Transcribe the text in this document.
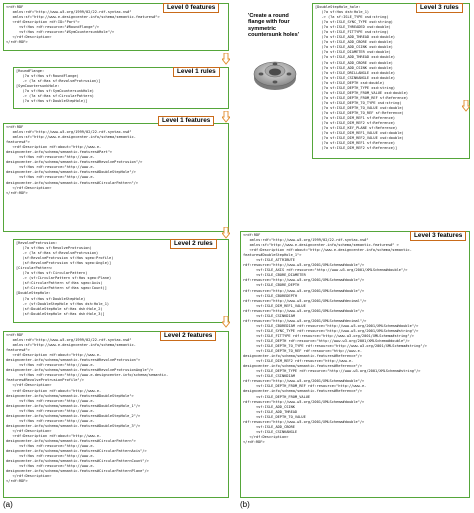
<rdf:RDF
xmlns:rdf="http://www.w3.org/1999/02/22-rdf-syntax-ns#"
xmlns:sf="http://www.e-designcenter.info/schema/semantic-features#">
<rdf:Description rdf:ID="Part">
<sf:Has rdf:resource="#RoundFlange"/>
<sf:Has rdf:resource="#SymCountersunkHole"/>
</rdf:Description>
</rdf:RDF>
Level 0 features
[RoundFlange:
(?a sf:Has sf:RoundFlange)
-> (?a sf:Has sf:RevolveProtrusion)]
[SymCountersunkHole:
(?a sf:Has sf:SymCountersunkHole)
-> (?a sf:Has sf:CircularPattern)
(?a sf:Has sf:DoubleStepHole)]
Level 1 rules
<rdf:RDF
xmlns:rdf="http://www.w3.org/1999/02/22-rdf-syntax-ns#"
xmlns:sf="http://www.e-designcenter.info/schema/semantic-
features#">
<rdf:Description rdf:about="http://www.e-
designcenter.info/schema/semantic-features#Part">
<sf:Has rdf:resource="http://www.e-
designcenter.info/schema/semantic-features#RevolveProtrusion"/>
<sf:Has rdf:resource="http://www.e-
designcenter.info/schema/semantic-features#DoubleStepHole"/>
<sf:Has rdf:resource="http://www.e-
designcenter.info/schema/semantic-features#CircularPattern"/>
</rdf:Description>
</rdf:RDF>
Level 1 features
[RevolveProtrusion:
(?a sf:Has sf:RevolveProtrusion)
-> (?a sf:Has sf:RevolveProtrusion)
(sf:RevolveProtrusion sf:Has sgeo:Profile)
(sf:RevolveProtrusion sf:Has sgeo:Angle)]
[CircularPattern:
(?a sf:Has sf:CircularPattern)
-> (sf:CircularPattern sf:Has sgeo:Plane)
(sf:CircularPattern sf:Has sgeo:Axis)
(sf:CircularPattern sf:Has sgeo:Count)]
[DoubleStepHole:
(?a sf:Has sf:DoubleStepHole)
-> (sf:DoubleStepHole sf:Has dsh:Hole_1)
(sf:DoubleStepHole sf:Has dsh:Hole_2)
(sf:DoubleStepHole sf:Has dsh:Hole_3)]
Level 2 rules
<rdf:RDF
xmlns:rdf="http://www.w3.org/1999/02/22-rdf-syntax-ns#"
xmlns:sf="http://www.e-designcenter.info/schema/semantic-
features#">
<rdf:Description rdf:about="http://www.e-
designcenter.info/schema/semantic-features#RevolveProtrusion">
<sf:Has rdf:resource="http://www.e-
designcenter.info/schema/semantic-features#RevolveProtrusionAngle"/>
<sf:Has rdf:resource="http://www.e-designcenter.info/schema/semantic-
features#RevolveProtrusionProfile"/>
</rdf:Description>
<rdf:Description rdf:about="http://www.e-
designcenter.info/schema/semantic-features#DoubleStepHole">
<sf:Has rdf:resource="http://www.e-
designcenter.info/schema/semantic-features#DoubleStepHole_1"/>
<sf:Has rdf:resource="http://www.e-
designcenter.info/schema/semantic-features#DoubleStepHole_2"/>
<sf:Has rdf:resource="http://www.e-
designcenter.info/schema/semantic-features#DoubleStepHole_3"/>
</rdf:Description>
<rdf:Description rdf:about="http://www.e-
designcenter.info/schema/semantic-features#CircularPattern">
<sf:Has rdf:resource="http://www.e-
designcenter.info/schema/semantic-features#CircularPatternAxis"/>
<sf:Has rdf:resource="http://www.e-
designcenter.info/schema/semantic-features#CircularPatternCount"/>
<sf:Has rdf:resource="http://www.e-
designcenter.info/schema/semantic-features#CircularPatternPlane"/>
</rdf:Description>
</rdf:RDF>
Level 2 features
(a)
'Create a round flange with four symmetric countersunk holes'
[DoubleStepHole_hole:
(?a sf:Has dsh:Hole_1)
-> (?a sf:ISLE_TYPE xsd:string)
(?a sf:ISLE_SYNC_TYPE xsd:string)
(?a sf:ISLE_THREADED xsd:double)
(?a sf:ISLE_FITTYPE xsd:string)
(?a sf:ISLE_ADD_THREAD xsd:double)
(?a sf:ISLE_ADD_CBORE xsd:double)
(?a sf:ISLE_ADD_CSINK xsd:double)
(?a sf:ISLE_DIAMETER xsd:double)
(?a sf:ISLE_ADD_THREAD xsd:double)
(?a sf:ISLE_ADD_CBORE xsd:double)
(?a sf:ISLE_ADD_CSINK xsd:double)
(?a sf:ISLE_DRILLANGLE xsd:double)
(?a sf:ISLE_CSINKANGLE xsd:double)
(?a sf:ISLE_DEPTH xsd:double)
(?a sf:ISLE_DEPTH_TYPE xsd:string)
(?a sf:ISLE_DEPTH_FROM_VALUE xsd:double)
(?a sf:ISLE_DEPTH_FROM_REF sf:Reference)
(?a sf:ISLE_DEPTH_TO_TYPE xsd:string)
(?a sf:ISLE_DEPTH_TO_VALUE xsd:double)
(?a sf:ISLE_DEPTH_TO_REF sf:Reference)
(?a sf:ISLE_DIM_REF1 sf:Reference)
(?a sf:ISLE_DIM_REF2 sf:Reference)
(?a sf:ISLE_KEY_PLANE sf:Reference)
(?a sf:ISLE_DIM_REF1_VALUE xsd:double)
(?a sf:ISLE_DIM_REF2_VALUE xsd:double)
(?a sf:ISLE_DIM_REF1 sf:Reference)
(?a sf:ISLE_DIM_REF2 sf:Reference)]
Level 3 rules
<rdf:RDF
xmlns:rdf="http://www.w3.org/1999/02/22-rdf-syntax-ns#"
xmlns:sf="http://www.e-designcenter.info/schema/semantic-features#" >
<rdf:Description rdf:about="http://www.e-designcenter.info/schema/semantic-
features#DoubleStepHole_1">
<sf:ISLE_ATTRIBUTE
rdf:resource="http://www.w3.org/2001/XMLSchema#double"/>
<sf:ISLE_AXIS rdf:resource="http://www.w3.org/2001/XMLSchema#double"/>
<sf:ISLE_CBORE_DIAMETER
rdf:resource="http://www.w3.org/2001/XMLSchema#double"/>
<sf:ISLE_CBORE_DEPTH
rdf:resource="http://www.w3.org/2001/XMLSchema#double"/>
<sf:ISLE_CBOREDEPTH
rdf:resource="http://www.w3.org/2001/XMLSchema#decimal"/>
<sf:ISLE_DIM_REF1_VALUE
rdf:resource="http://www.w3.org/2001/XMLSchema#double"/>
<sf:ISLE_CSINKDIAM
rdf:resource="http://www.w3.org/2001/XMLSchema#decimal"/>
<sf:ISLE_CBOREDIAM rdf:resource="http://www.w3.org/2001/XMLSchema#double"/>
<sf:ISLE_SYNC_TYPE rdf:resource="http://www.w3.org/2001/XMLSchema#string"/>
<sf:ISLE_FITTYPE rdf:resource="http://www.w3.org/2001/XMLSchema#string"/>
<sf:ISLE_DEPTH rdf:resource="http://www.w3.org/2001/XMLSchema#double"/>
<sf:ISLE_DEPTH_TO_TYPE rdf:resource="http://www.w3.org/2001/XMLSchema#string"/>
<sf:ISLE_DEPTH_TO_REF rdf:resource="http://www.e-
designcenter.info/schema/semantic-features#Reference"/>
<sf:ISLE_DIM_REF2 rdf:resource="http://www.e-
designcenter.info/schema/semantic-features#Reference"/>
<sf:ISLE_DEPTH_TYPE rdf:resource="http://www.w3.org/2001/XMLSchema#string"/>
<sf:ISLE_CSINKDIAM
rdf:resource="http://www.w3.org/2001/XMLSchema#double"/>
<sf:ISLE_DEPTH_FROM_REF rdf:resource="http://www.e-
designcenter.info/schema/semantic-features#Reference"/>
<sf:ISLE_DEPTH_FROM_VALUE
rdf:resource="http://www.w3.org/2001/XMLSchema#double"/>
<sf:ISLE_ADD_CSINK
<sf:ISLE_ADD_THREAD
<sf:ISLE_DEPTH_TO_VALUE
rdf:resource="http://www.w3.org/2001/XMLSchema#double"/>
<sf:ISLE_ADD_CBORE
<sf:ISLE_CSINKANGLE
</rdf:Description>
</rdf:RDF>
Level 3 features
(b)
